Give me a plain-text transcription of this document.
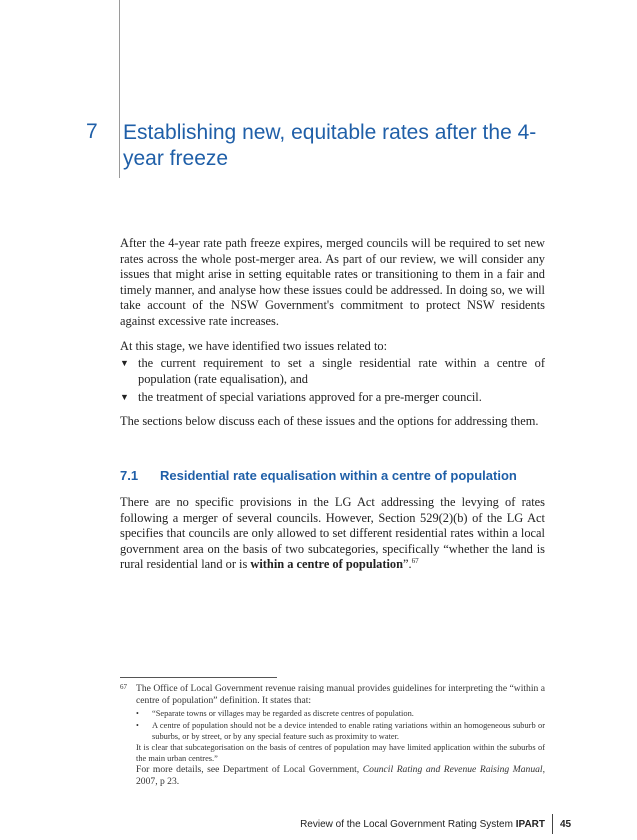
7 Establishing new, equitable rates after the 4-year freeze
After the 4-year rate path freeze expires, merged councils will be required to set new rates across the whole post-merger area. As part of our review, we will consider any issues that might arise in setting equitable rates or transitioning to them in a fair and timely manner, and analyse how these issues could be addressed. In doing so, we will take account of the NSW Government's commitment to protect NSW residents against excessive rate increases.
At this stage, we have identified two issues related to:
▼ the current requirement to set a single residential rate within a centre of population (rate equalisation), and
▼ the treatment of special variations approved for a pre-merger council.
The sections below discuss each of these issues and the options for addressing them.
7.1 Residential rate equalisation within a centre of population
There are no specific provisions in the LG Act addressing the levying of rates following a merger of several councils. However, Section 529(2)(b) of the LG Act specifies that councils are only allowed to set different residential rates within a local government area on the basis of two subcategories, specifically “whether the land is rural residential land or is within a centre of population”.$^{67}$
67 The Office of Local Government revenue raising manual provides guidelines for interpreting the “within a centre of population” definition. It states that:
• “Separate towns or villages may be regarded as discrete centres of population.
• A centre of population should not be a device intended to enable rating variations within an homogeneous suburb or suburbs, or by street, or by any special feature such as proximity to water.
It is clear that subcategorisation on the basis of centres of population may have limited application within the suburbs of the main urban centres.”
For more details, see Department of Local Government, Council Rating and Revenue Raising Manual, 2007, p 23.
Review of the Local Government Rating System IPART 45
